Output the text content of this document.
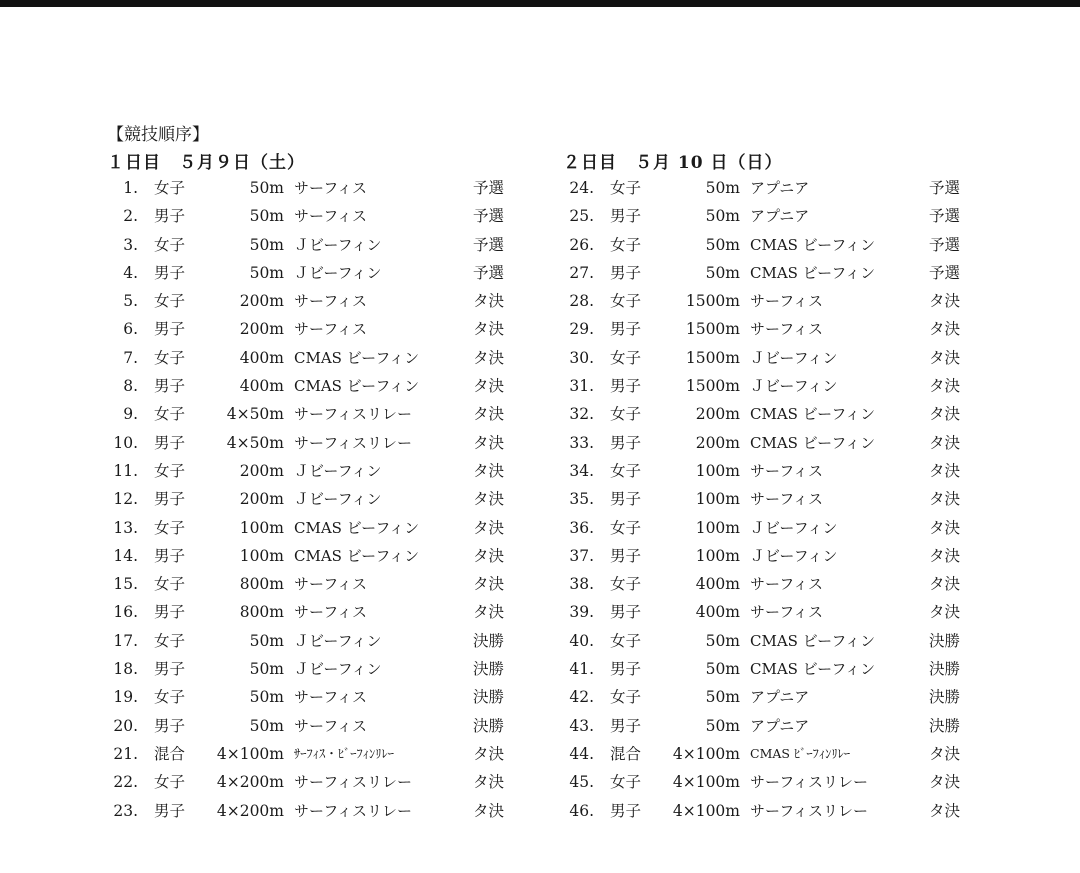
【競技順序】
１日目　５月９日（土）	２日目　５月 10 日（日）
1. 女子	50m サーフィス	予選
2. 男子	50m サーフィス	予選
3. 女子	50m Ｊビーフィン	予選
4. 男子	50m Ｊビーフィン	予選
5. 女子	200m サーフィス	タ決
6. 男子	200m サーフィス	タ決
7. 女子	400m CMAS ビーフィン	タ決
8. 男子	400m CMAS ビーフィン	タ決
9. 女子	4×50m サーフィスリレー	タ決
10. 男子	4×50m サーフィスリレー	タ決
11. 女子	200m Ｊビーフィン	タ決
12. 男子	200m Ｊビーフィン	タ決
13. 女子	100m CMAS ビーフィン	タ決
14. 男子	100m CMAS ビーフィン	タ決
15. 女子	800m サーフィス	タ決
16. 男子	800m サーフィス	タ決
17. 女子	50m Ｊビーフィン	決勝
18. 男子	50m Ｊビーフィン	決勝
19. 女子	50m サーフィス	決勝
20. 男子	50m サーフィス	決勝
21. 混合	4×100m ｻｰﾌｨｽ・ﾋﾞｰﾌｨﾝﾘﾚｰ	タ決
22. 女子	4×200m サーフィスリレー	タ決
23. 男子	4×200m サーフィスリレー	タ決
24. 女子	50m アプニア	予選
25. 男子	50m アプニア	予選
26. 女子	50m CMAS ビーフィン	予選
27. 男子	50m CMAS ビーフィン	予選
28. 女子	1500m サーフィス	タ決
29. 男子	1500m サーフィス	タ決
30. 女子	1500m Ｊビーフィン	タ決
31. 男子	1500m Ｊビーフィン	タ決
32. 女子	200m CMAS ビーフィン	タ決
33. 男子	200m CMAS ビーフィン	タ決
34. 女子	100m サーフィス	タ決
35. 男子	100m サーフィス	タ決
36. 女子	100m Ｊビーフィン	タ決
37. 男子	100m Ｊビーフィン	タ決
38. 女子	400m サーフィス	タ決
39. 男子	400m サーフィス	タ決
40. 女子	50m CMAS ビーフィン	決勝
41. 男子	50m CMAS ビーフィン	決勝
42. 女子	50m アプニア	決勝
43. 男子	50m アプニア	決勝
44. 混合	4×100m CMAS ﾋﾞｰﾌｨﾝﾘﾚｰ	タ決
45. 女子	4×100m サーフィスリレー	タ決
46. 男子	4×100m サーフィスリレー	タ決
